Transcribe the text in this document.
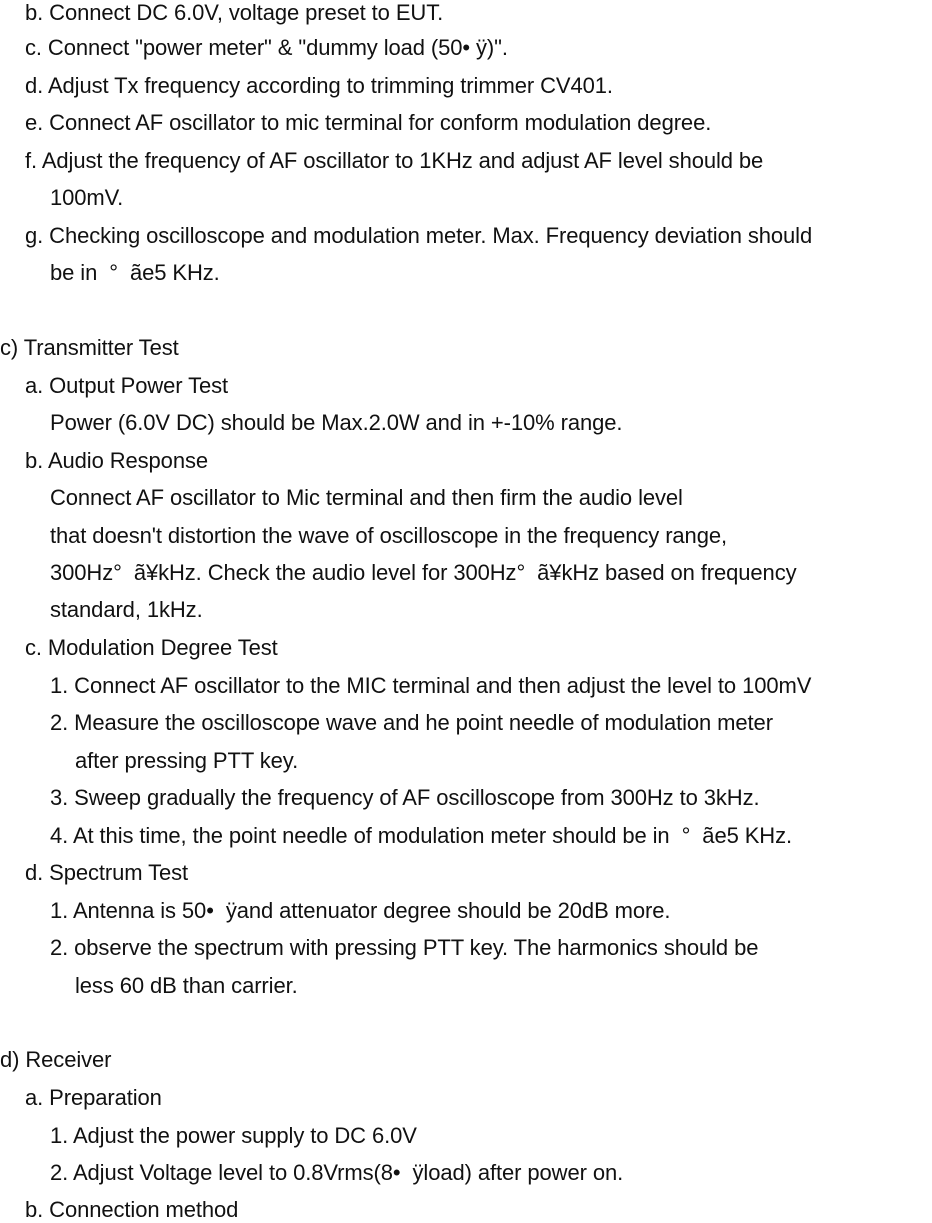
b. Connect DC 6.0V, voltage preset to EUT.
c. Connect "power meter" & "dummy load (50• ÿ)".
d. Adjust Tx frequency according to trimming trimmer CV401.
e. Connect AF oscillator to mic terminal for conform modulation degree.
f. Adjust the frequency of AF oscillator to 1KHz and adjust AF level should be
100mV.
g. Checking oscilloscope and modulation meter. Max. Frequency deviation should
be in  °  ãe5 KHz.
c) Transmitter Test
a. Output Power Test
Power (6.0V DC) should be Max.2.0W and in +-10% range.
b. Audio Response
Connect AF oscillator to Mic terminal and then firm the audio level
that doesn't distortion the wave of oscilloscope in the frequency range,
300Hz°  ã¥kHz. Check the audio level for 300Hz°  ã¥kHz based on frequency
standard, 1kHz.
c. Modulation Degree Test
1. Connect AF oscillator to the MIC terminal and then adjust the level to 100mV
2. Measure the oscilloscope wave and he point needle of modulation meter
after pressing PTT key.
3. Sweep gradually the frequency of AF oscilloscope from 300Hz to 3kHz.
4. At this time, the point needle of modulation meter should be in  °  ãe5 KHz.
d. Spectrum Test
1. Antenna is 50•  ÿand attenuator degree should be 20dB more.
2. observe the spectrum with pressing PTT key. The harmonics should be
less 60 dB than carrier.
d) Receiver
a. Preparation
1. Adjust the power supply to DC 6.0V
2. Adjust Voltage level to 0.8Vrms(8•  ÿload) after power on.
b. Connection method
